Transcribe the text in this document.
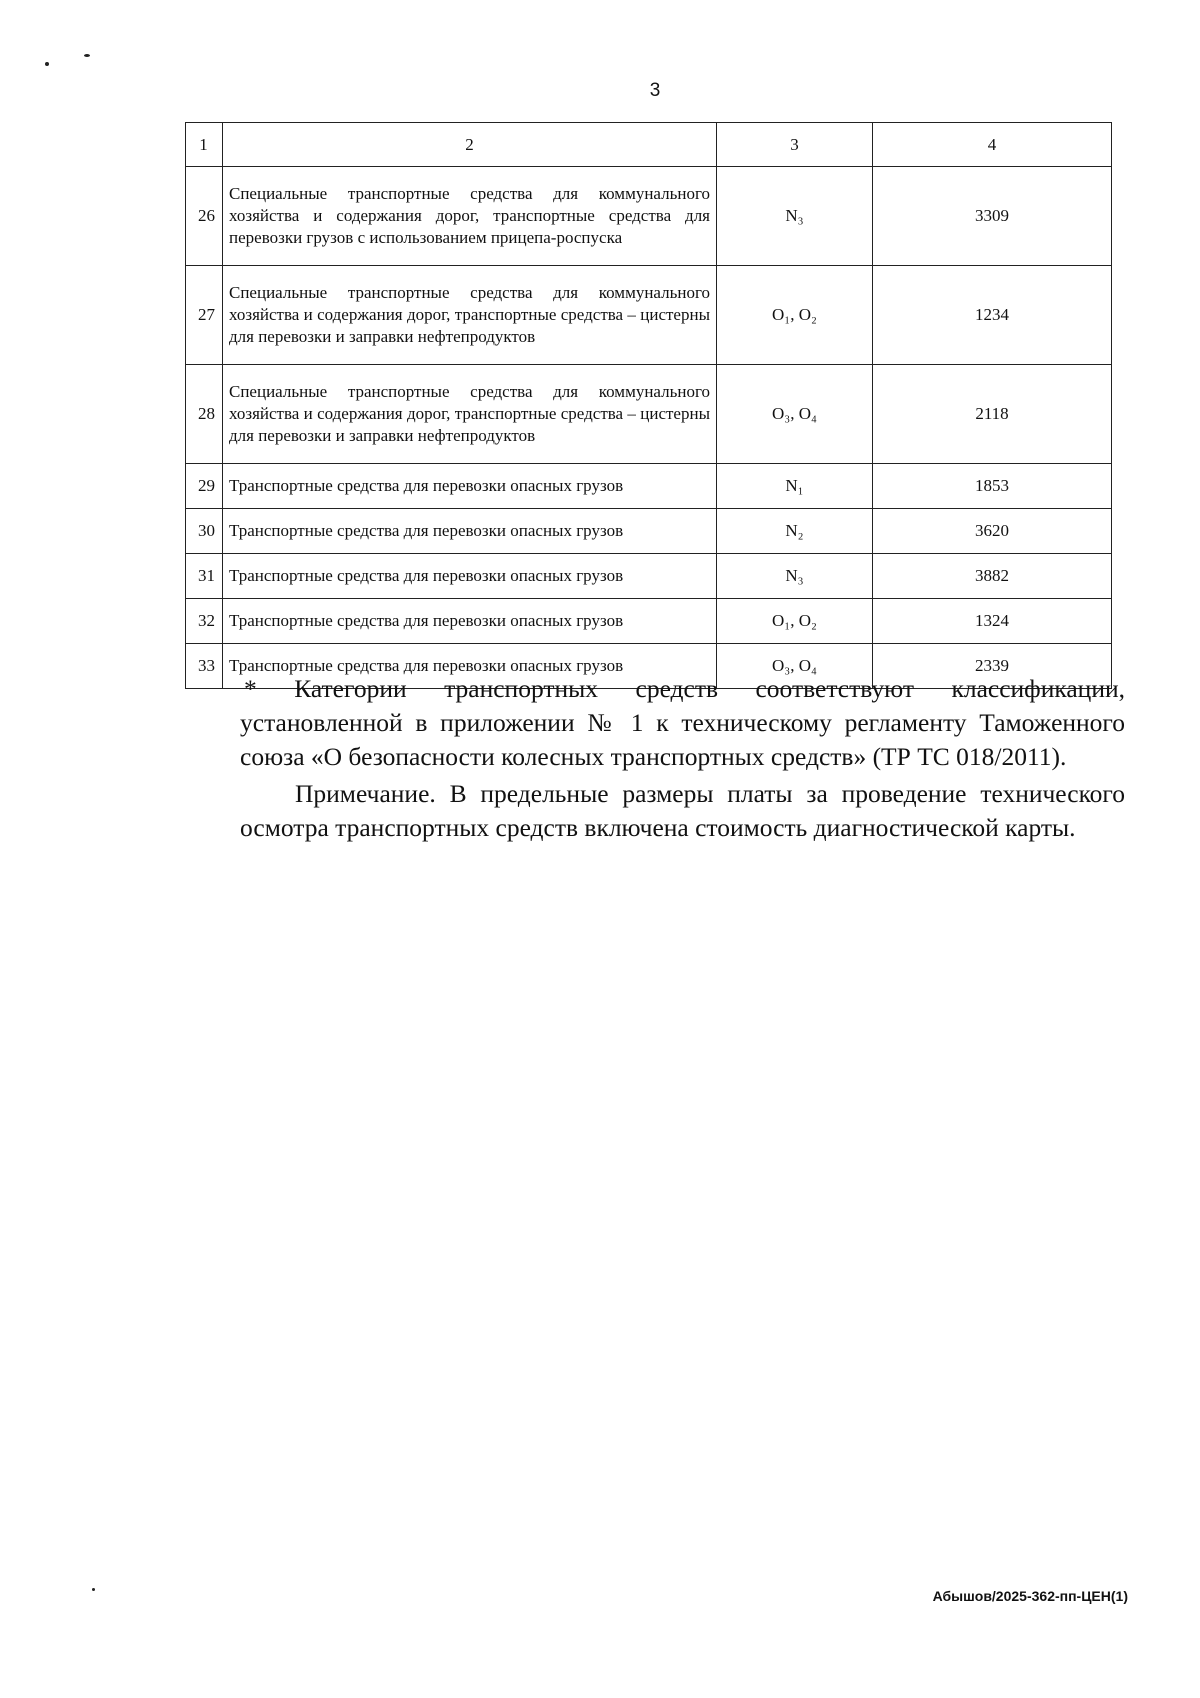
3
1	2	3	4
26	Специальные транспортные средства для коммунального хозяйства и содержания дорог, транспортные средства для перевозки грузов с использованием прицепа-роспуска	N₃	3309
27	Специальные транспортные средства для коммунального хозяйства и содержания дорог, транспортные средства – цистерны для перевозки и заправки нефтепродуктов	O₁, O₂	1234
28	Специальные транспортные средства для коммунального хозяйства и содержания дорог, транспортные средства – цистерны для перевозки и заправки нефтепродуктов	O₃, O₄	2118
29	Транспортные средства для перевозки опасных грузов	N₁	1853
30	Транспортные средства для перевозки опасных грузов	N₂	3620
31	Транспортные средства для перевозки опасных грузов	N₃	3882
32	Транспортные средства для перевозки опасных грузов	O₁, O₂	1324
33	Транспортные средства для перевозки опасных грузов	O₃, O₄	2339

* Категории транспортных средств соответствуют классификации, установленной в приложении № 1 к техническому регламенту Таможенного союза «О безопасности колесных транспортных средств» (ТР ТС 018/2011).

Примечание. В предельные размеры платы за проведение технического осмотра транспортных средств включена стоимость диагностической карты.

Абышов/2025-362-пп-ЦЕН(1)
